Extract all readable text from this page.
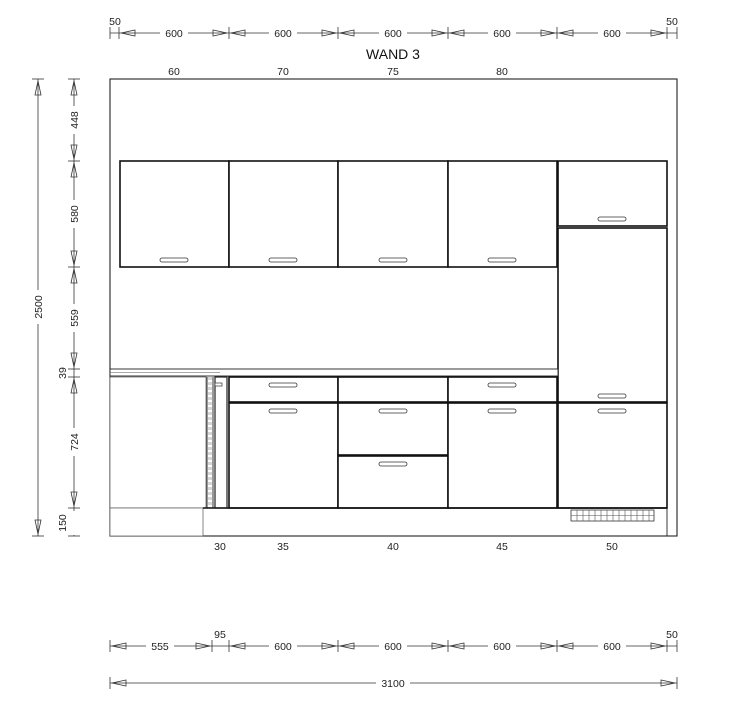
WAND 3
50	50
600	600	600	600	600
60	70	75	80
2500
448
580
559
39
724
150
30	35	40	45	50
555
95
600	600	600	600
50
3100
